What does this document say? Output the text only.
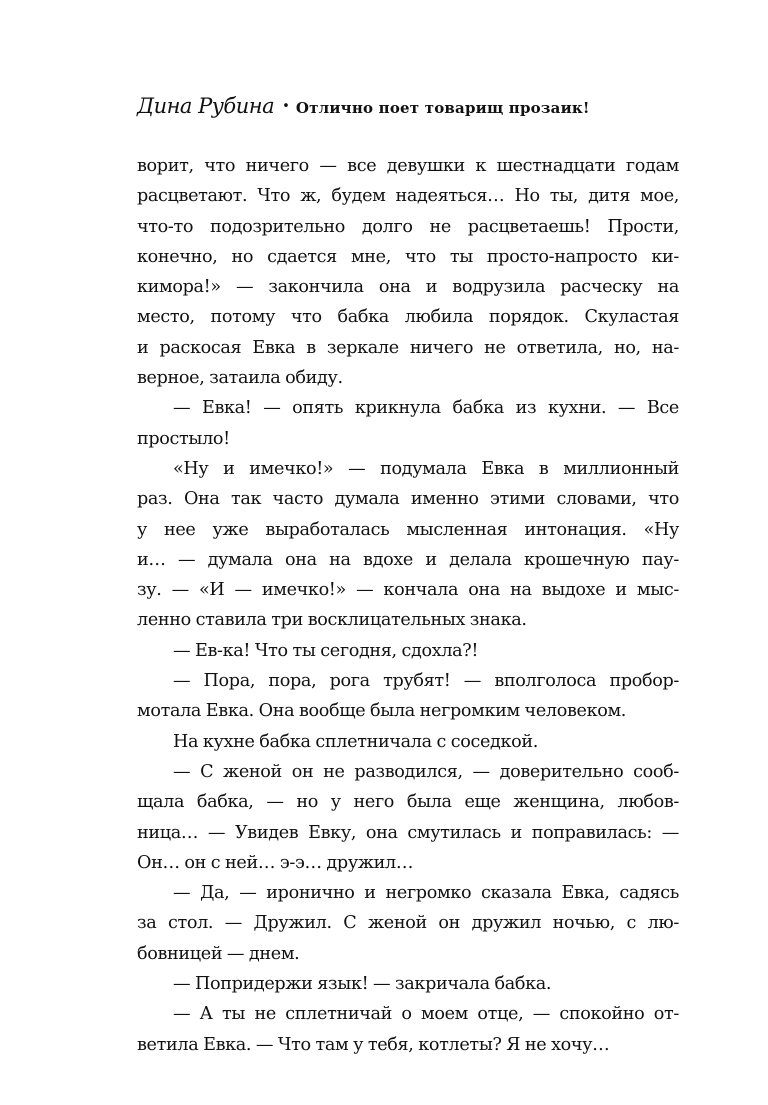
Дина Рубина • Отлично поет товарищ прозаик!
ворит, что ничего — все девушки к шестнадцати годам
расцветают. Что ж, будем надеяться… Но ты, дитя мое,
что-то подозрительно долго не расцветаешь! Прости,
конечно, но сдается мне, что ты просто-напросто ки-
кимора!» — закончила она и водрузила расческу на
место, потому что бабка любила порядок. Скуластая
и раскосая Евка в зеркале ничего не ответила, но, на-
верное, затаила обиду.
— Евка! — опять крикнула бабка из кухни. — Все
простыло!
«Ну и имечко!» — подумала Евка в миллионный
раз. Она так часто думала именно этими словами, что
у нее уже выработалась мысленная интонация. «Ну
и… — думала она на вдохе и делала крошечную пау-
зу. — «И — имечко!» — кончала она на выдохе и мыс-
ленно ставила три восклицательных знака.
— Ев-ка! Что ты сегодня, сдохла?!
— Пора, пора, рога трубят! — вполголоса пробор-
мотала Евка. Она вообще была негромким человеком.
На кухне бабка сплетничала с соседкой.
— С женой он не разводился, — доверительно сооб-
щала бабка, — но у него была еще женщина, любов-
ница… — Увидев Евку, она смутилась и поправилась: —
Он… он с ней… э-э… дружил…
— Да, — иронично и негромко сказала Евка, садясь
за стол. — Дружил. С женой он дружил ночью, с лю-
бовницей — днем.
— Попридержи язык! — закричала бабка.
— А ты не сплетничай о моем отце, — спокойно от-
ветила Евка. — Что там у тебя, котлеты? Я не хочу…
